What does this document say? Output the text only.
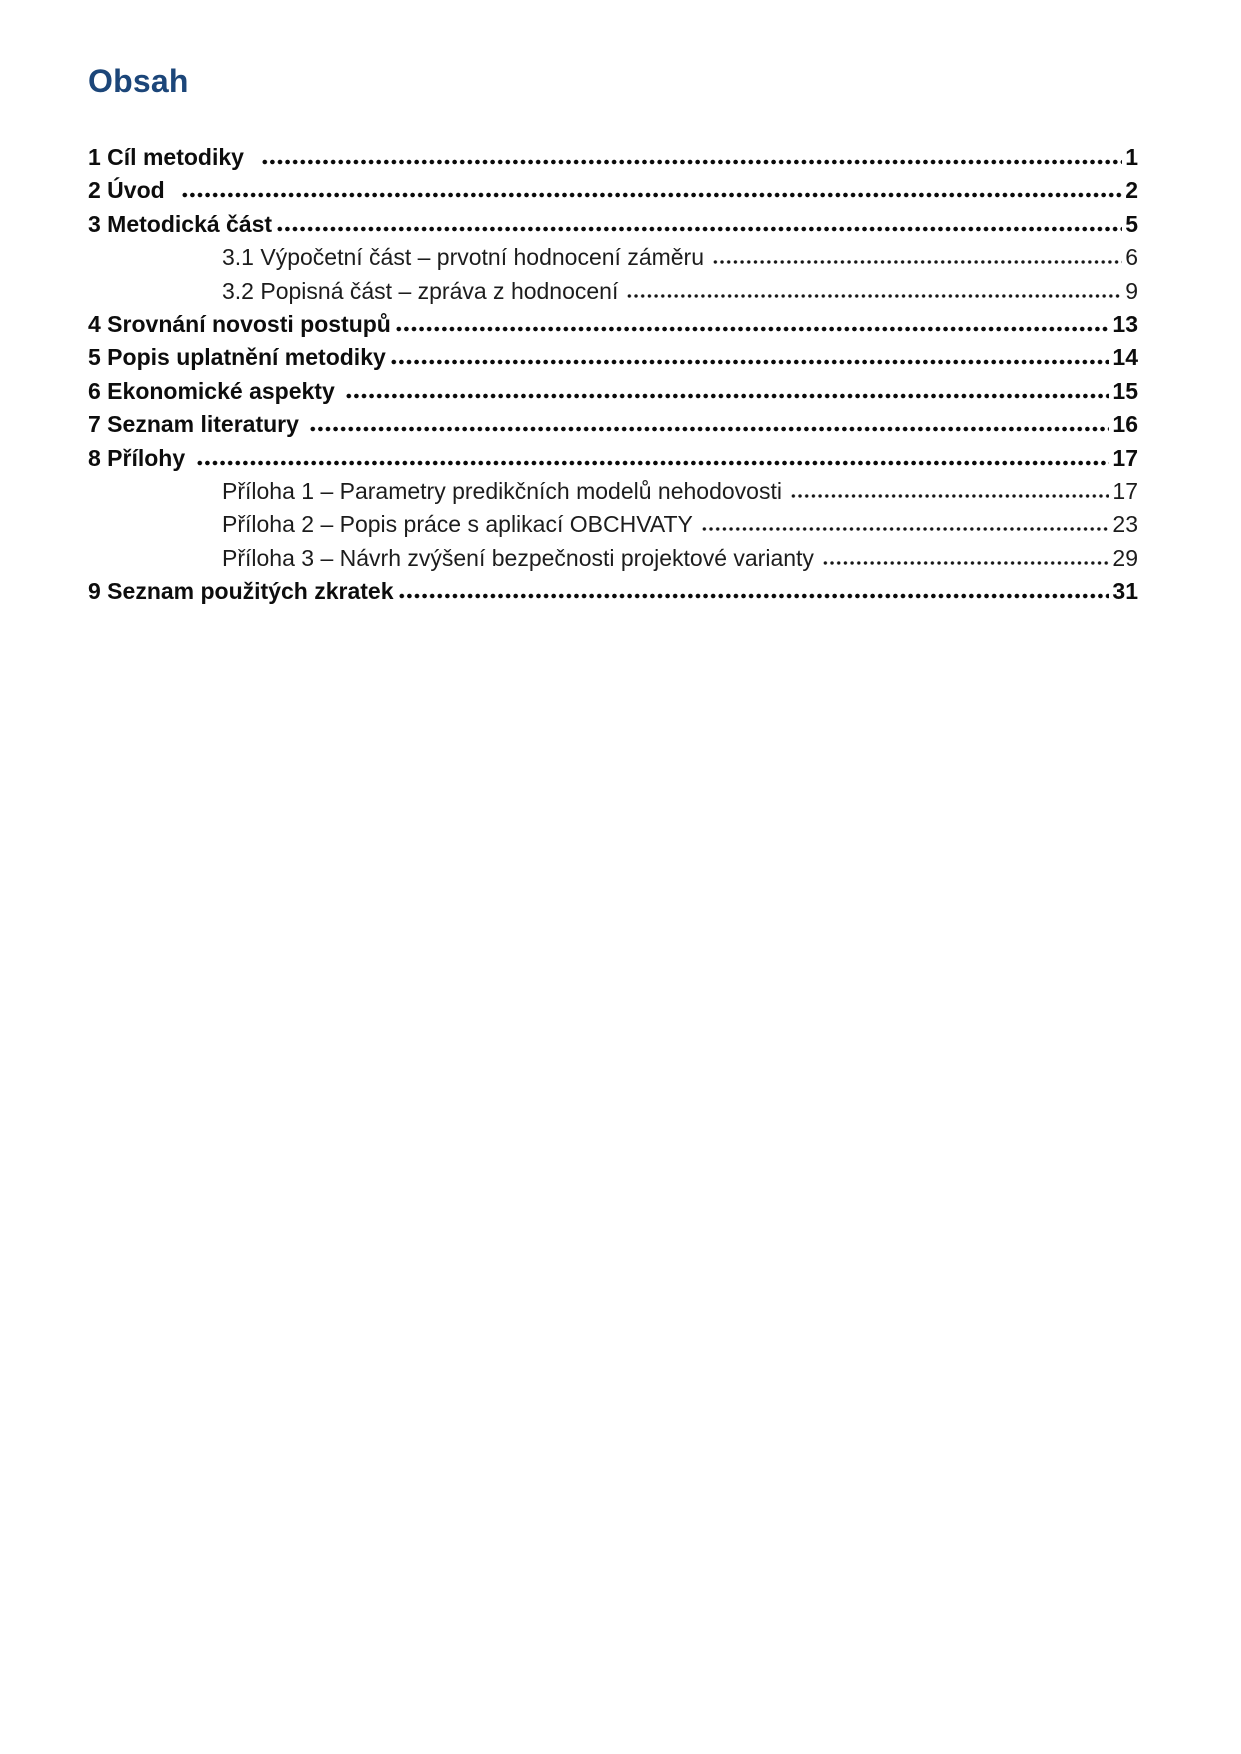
Obsah
1 Cíl metodiky	1
2 Úvod	2
3 Metodická část	5
3.1 Výpočetní část – prvotní hodnocení záměru	6
3.2 Popisná část – zpráva z hodnocení	9
4 Srovnání novosti postupů	13
5 Popis uplatnění metodiky	14
6 Ekonomické aspekty	15
7 Seznam literatury	16
8 Přílohy	17
Příloha 1 – Parametry predikčních modelů nehodovosti	17
Příloha 2 – Popis práce s aplikací OBCHVATY	23
Příloha 3 – Návrh zvýšení bezpečnosti projektové varianty	29
9 Seznam použitých zkratek	31
